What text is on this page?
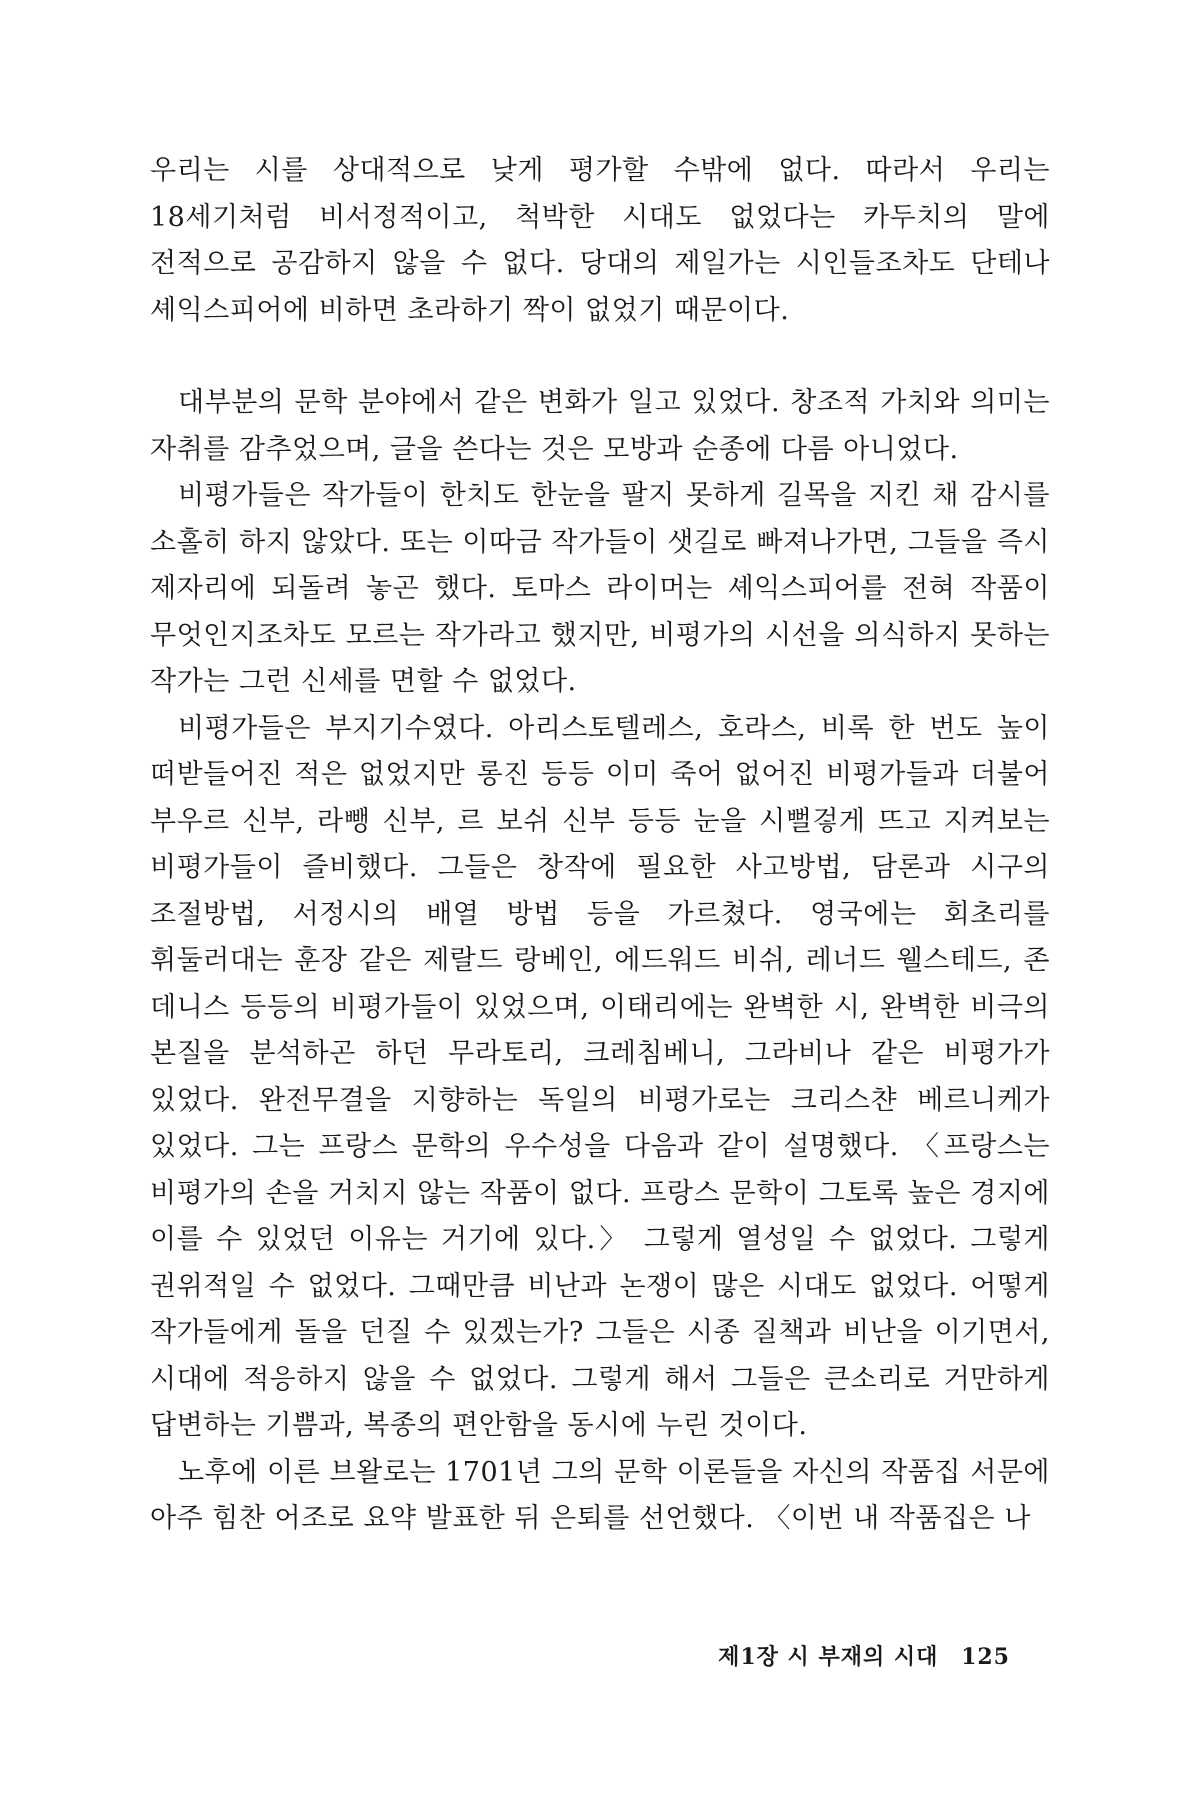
우리는 시를 상대적으로 낮게 평가할 수밖에 없다. 따라서 우리는 18세기처럼 비서정적이고, 척박한 시대도 없었다는 카두치의 말에 전적으로 공감하지 않을 수 없다. 당대의 제일가는 시인들조차도 단테나 셰익스피어에 비하면 초라하기 짝이 없었기 때문이다.

대부분의 문학 분야에서 같은 변화가 일고 있었다. 창조적 가치와 의미는 자취를 감추었으며, 글을 쓴다는 것은 모방과 순종에 다름 아니었다.

비평가들은 작가들이 한치도 한눈을 팔지 못하게 길목을 지킨 채 감시를 소홀히 하지 않았다. 또는 이따금 작가들이 샛길로 빠져나가면, 그들을 즉시 제자리에 되돌려 놓곤 했다. 토마스 라이머는 셰익스피어를 전혀 작품이 무엇인지조차도 모르는 작가라고 했지만, 비평가의 시선을 의식하지 못하는 작가는 그런 신세를 면할 수 없었다.

비평가들은 부지기수였다. 아리스토텔레스, 호라스, 비록 한 번도 높이 떠받들어진 적은 없었지만 롱진 등등 이미 죽어 없어진 비평가들과 더불어 부우르 신부, 라뺑 신부, 르 보쉬 신부 등등 눈을 시뻘겋게 뜨고 지켜보는 비평가들이 즐비했다. 그들은 창작에 필요한 사고방법, 담론과 시구의 조절방법, 서정시의 배열 방법 등을 가르쳤다. 영국에는 회초리를 휘둘러대는 훈장 같은 제랄드 랑베인, 에드워드 비쉬, 레너드 웰스테드, 존 데니스 등등의 비평가들이 있었으며, 이태리에는 완벽한 시, 완벽한 비극의 본질을 분석하곤 하던 무라토리, 크레침베니, 그라비나 같은 비평가가 있었다. 완전무결을 지향하는 독일의 비평가로는 크리스챤 베르니케가 있었다. 그는 프랑스 문학의 우수성을 다음과 같이 설명했다. 〈프랑스는 비평가의 손을 거치지 않는 작품이 없다. 프랑스 문학이 그토록 높은 경지에 이를 수 있었던 이유는 거기에 있다.〉 그렇게 열성일 수 없었다. 그렇게 권위적일 수 없었다. 그때만큼 비난과 논쟁이 많은 시대도 없었다. 어떻게 작가들에게 돌을 던질 수 있겠는가? 그들은 시종 질책과 비난을 이기면서, 시대에 적응하지 않을 수 없었다. 그렇게 해서 그들은 큰소리로 거만하게 답변하는 기쁨과, 복종의 편안함을 동시에 누린 것이다.

노후에 이른 브왈로는 1701년 그의 문학 이론들을 자신의 작품집 서문에 아주 힘찬 어조로 요약 발표한 뒤 은퇴를 선언했다. 〈이번 내 작품집은 나

제1장 시 부재의 시대 125
